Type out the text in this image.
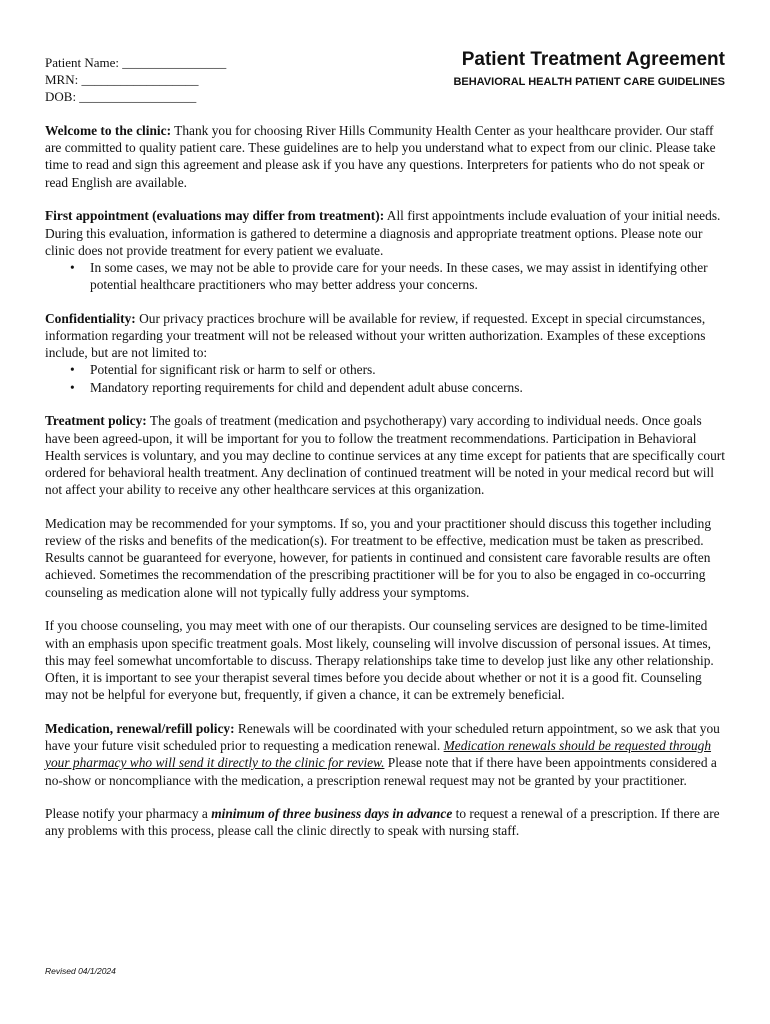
Patient Name: ________________
MRN: __________________
DOB: __________________
Patient Treatment Agreement
BEHAVIORAL HEALTH PATIENT CARE GUIDELINES

Welcome to the clinic: Thank you for choosing River Hills Community Health Center as your healthcare provider. Our staff are committed to quality patient care. These guidelines are to help you understand what to expect from our clinic. Please take time to read and sign this agreement and please ask if you have any questions. Interpreters for patients who do not speak or read English are available.

First appointment (evaluations may differ from treatment): All first appointments include evaluation of your initial needs. During this evaluation, information is gathered to determine a diagnosis and appropriate treatment options. Please note our clinic does not provide treatment for every patient we evaluate.

• In some cases, we may not be able to provide care for your needs. In these cases, we may assist in identifying other potential healthcare practitioners who may better address your concerns.

Confidentiality: Our privacy practices brochure will be available for review, if requested. Except in special circumstances, information regarding your treatment will not be released without your written authorization. Examples of these exceptions include, but are not limited to:

• Potential for significant risk or harm to self or others.
• Mandatory reporting requirements for child and dependent adult abuse concerns.

Treatment policy: The goals of treatment (medication and psychotherapy) vary according to individual needs. Once goals have been agreed-upon, it will be important for you to follow the treatment recommendations. Participation in Behavioral Health services is voluntary, and you may decline to continue services at any time except for patients that are specifically court ordered for behavioral health treatment. Any declination of continued treatment will be noted in your medical record but will not affect your ability to receive any other healthcare services at this organization.

Medication may be recommended for your symptoms. If so, you and your practitioner should discuss this together including review of the risks and benefits of the medication(s). For treatment to be effective, medication must be taken as prescribed. Results cannot be guaranteed for everyone, however, for patients in continued and consistent care favorable results are often achieved. Sometimes the recommendation of the prescribing practitioner will be for you to also be engaged in co-occurring counseling as medication alone will not typically fully address your symptoms.

If you choose counseling, you may meet with one of our therapists. Our counseling services are designed to be time-limited with an emphasis upon specific treatment goals. Most likely, counseling will involve discussion of personal issues. At times, this may feel somewhat uncomfortable to discuss. Therapy relationships take time to develop just like any other relationship. Often, it is important to see your therapist several times before you decide about whether or not it is a good fit. Counseling may not be helpful for everyone but, frequently, if given a chance, it can be extremely beneficial.

Medication, renewal/refill policy: Renewals will be coordinated with your scheduled return appointment, so we ask that you have your future visit scheduled prior to requesting a medication renewal. Medication renewals should be requested through your pharmacy who will send it directly to the clinic for review. Please note that if there have been appointments considered a no-show or noncompliance with the medication, a prescription renewal request may not be granted by your practitioner.

Please notify your pharmacy a minimum of three business days in advance to request a renewal of a prescription. If there are any problems with this process, please call the clinic directly to speak with nursing staff.

Revised 04/1/2024
